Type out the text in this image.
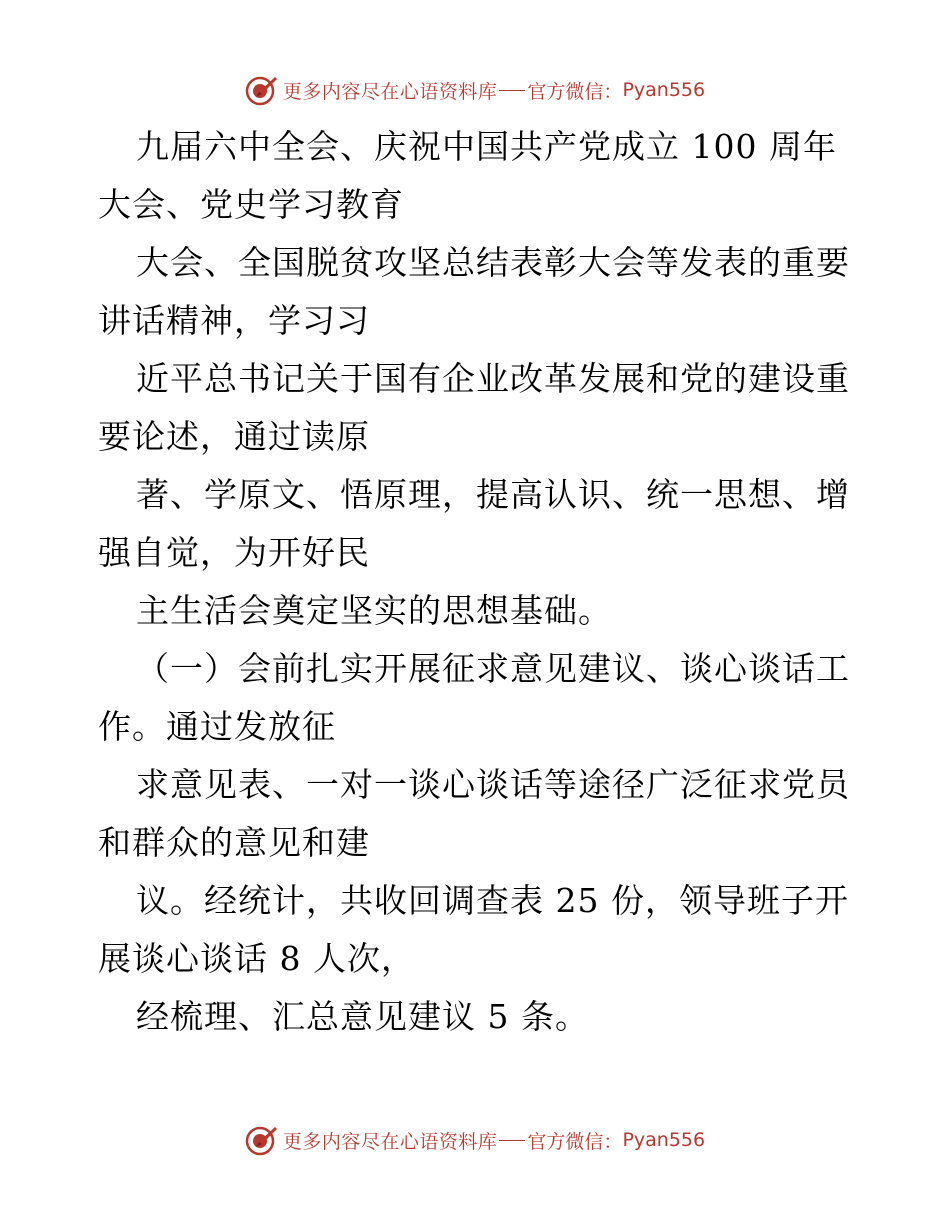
更多内容尽在心语资料库 官方微信： Pyan556
九届六中全会、庆祝中国共产党成立 100 周年
大会、党史学习教育
大会、全国脱贫攻坚总结表彰大会等发表的重要
讲话精神，学习习
近平总书记关于国有企业改革发展和党的建设重
要论述，通过读原
著、学原文、悟原理，提高认识、统一思想、增
强自觉，为开好民
主生活会奠定坚实的思想基础。
（一）会前扎实开展征求意见建议、谈心谈话工
作。通过发放征
求意见表、一对一谈心谈话等途径广泛征求党员
和群众的意见和建
议。经统计，共收回调查表 25 份，领导班子开
展谈心谈话 8 人次，
经梳理、汇总意见建议 5 条。
更多内容尽在心语资料库 官方微信： Pyan556
